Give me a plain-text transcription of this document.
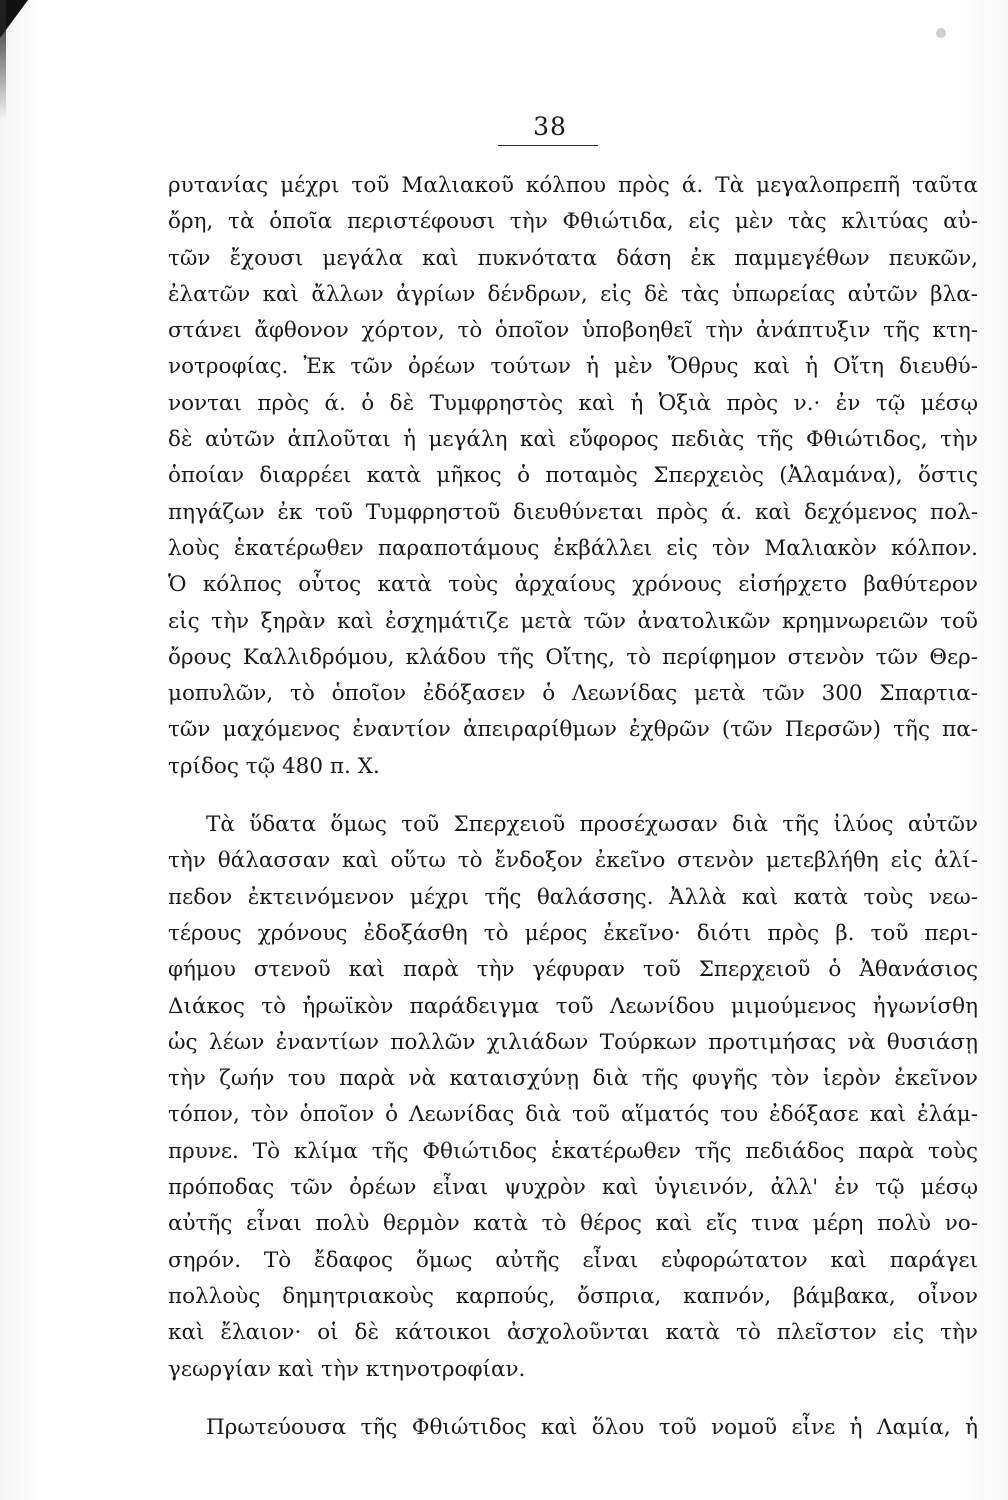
38
ρυτανίας μέχρι τοῦ Μαλιακοῦ κόλπου πρὸς ά. Τὰ μεγαλοπρεπῆ ταῦτα
ὄρη, τὰ ὁποῖα περιστέφουσι τὴν Φθιώτιδα, εἰς μὲν τὰς κλιτύας αὐ-
τῶν ἔχουσι μεγάλα καὶ πυκνότατα δάση ἐκ παμμεγέθων πευκῶν,
ἐλατῶν καὶ ἄλλων ἀγρίων δένδρων, εἰς δὲ τὰς ὑπωρείας αὐτῶν βλα-
στάνει ἄφθονον χόρτον, τὸ ὁποῖον ὑποβοηθεῖ τὴν ἀνάπτυξιν τῆς κτη-
νοτροφίας. Ἐκ τῶν ὀρέων τούτων ἡ μὲν Ὄθρυς καὶ ἡ Οἴτη διευθύ-
νονται πρὸς ά. ὁ δὲ Τυμφρηστὸς καὶ ἡ Ὀξιὰ πρὸς ν.· ἐν τῷ μέσῳ
δὲ αὐτῶν ἁπλοῦται ἡ μεγάλη καὶ εὔφορος πεδιὰς τῆς Φθιώτιδος, τὴν
ὁποίαν διαρρέει κατὰ μῆκος ὁ ποταμὸς Σπερχειὸς (Ἀλαμάνα), ὅστις
πηγάζων ἐκ τοῦ Τυμφρηστοῦ διευθύνεται πρὸς ά. καὶ δεχόμενος πολ-
λοὺς ἑκατέρωθεν παραποτάμους ἐκβάλλει εἰς τὸν Μαλιακὸν κόλπον.
Ὁ κόλπος οὗτος κατὰ τοὺς ἀρχαίους χρόνους εἰσήρχετο βαθύτερον
εἰς τὴν ξηρὰν καὶ ἐσχημάτιζε μετὰ τῶν ἀνατολικῶν κρημνωρειῶν τοῦ
ὄρους Καλλιδρόμου, κλάδου τῆς Οἴτης, τὸ περίφημον στενὸν τῶν Θερ-
μοπυλῶν, τὸ ὁποῖον ἐδόξασεν ὁ Λεωνίδας μετὰ τῶν 300 Σπαρτια-
τῶν μαχόμενος ἐναντίον ἀπειραρίθμων ἐχθρῶν (τῶν Περσῶν) τῆς πα-
τρίδος τῷ 480 π. Χ.
Τὰ ὕδατα ὅμως τοῦ Σπερχειοῦ προσέχωσαν διὰ τῆς ἰλύος αὐτῶν
τὴν θάλασσαν καὶ οὕτω τὸ ἔνδοξον ἐκεῖνο στενὸν μετεβλήθη εἰς ἀλί-
πεδον ἐκτεινόμενον μέχρι τῆς θαλάσσης. Ἀλλὰ καὶ κατὰ τοὺς νεω-
τέρους χρόνους ἐδοξάσθη τὸ μέρος ἐκεῖνο· διότι πρὸς β. τοῦ περι-
φήμου στενοῦ καὶ παρὰ τὴν γέφυραν τοῦ Σπερχειοῦ ὁ Ἀθανάσιος
Διάκος τὸ ἡρωϊκὸν παράδειγμα τοῦ Λεωνίδου μιμούμενος ἠγωνίσθη
ὡς λέων ἐναντίων πολλῶν χιλιάδων Τούρκων προτιμήσας νὰ θυσιάσῃ
τὴν ζωήν του παρὰ νὰ καταισχύνῃ διὰ τῆς φυγῆς τὸν ἱερὸν ἐκεῖνον
τόπον, τὸν ὁποῖον ὁ Λεωνίδας διὰ τοῦ αἵματός του ἐδόξασε καὶ ἐλάμ-
πρυνε. Τὸ κλίμα τῆς Φθιώτιδος ἑκατέρωθεν τῆς πεδιάδος παρὰ τοὺς
πρόποδας τῶν ὀρέων εἶναι ψυχρὸν καὶ ὑγιεινόν, ἀλλ' ἐν τῷ μέσῳ
αὐτῆς εἶναι πολὺ θερμὸν κατὰ τὸ θέρος καὶ εἴς τινα μέρη πολὺ νο-
σηρόν. Τὸ ἔδαφος ὅμως αὐτῆς εἶναι εὐφορώτατον καὶ παράγει
πολλοὺς δημητριακοὺς καρπούς, ὄσπρια, καπνόν, βάμβακα, οἶνον
καὶ ἔλαιον· οἱ δὲ κάτοικοι ἀσχολοῦνται κατὰ τὸ πλεῖστον εἰς τὴν
γεωργίαν καὶ τὴν κτηνοτροφίαν.
Πρωτεύουσα τῆς Φθιώτιδος καὶ ὅλου τοῦ νομοῦ εἶνε ἡ Λαμία, ἡ
